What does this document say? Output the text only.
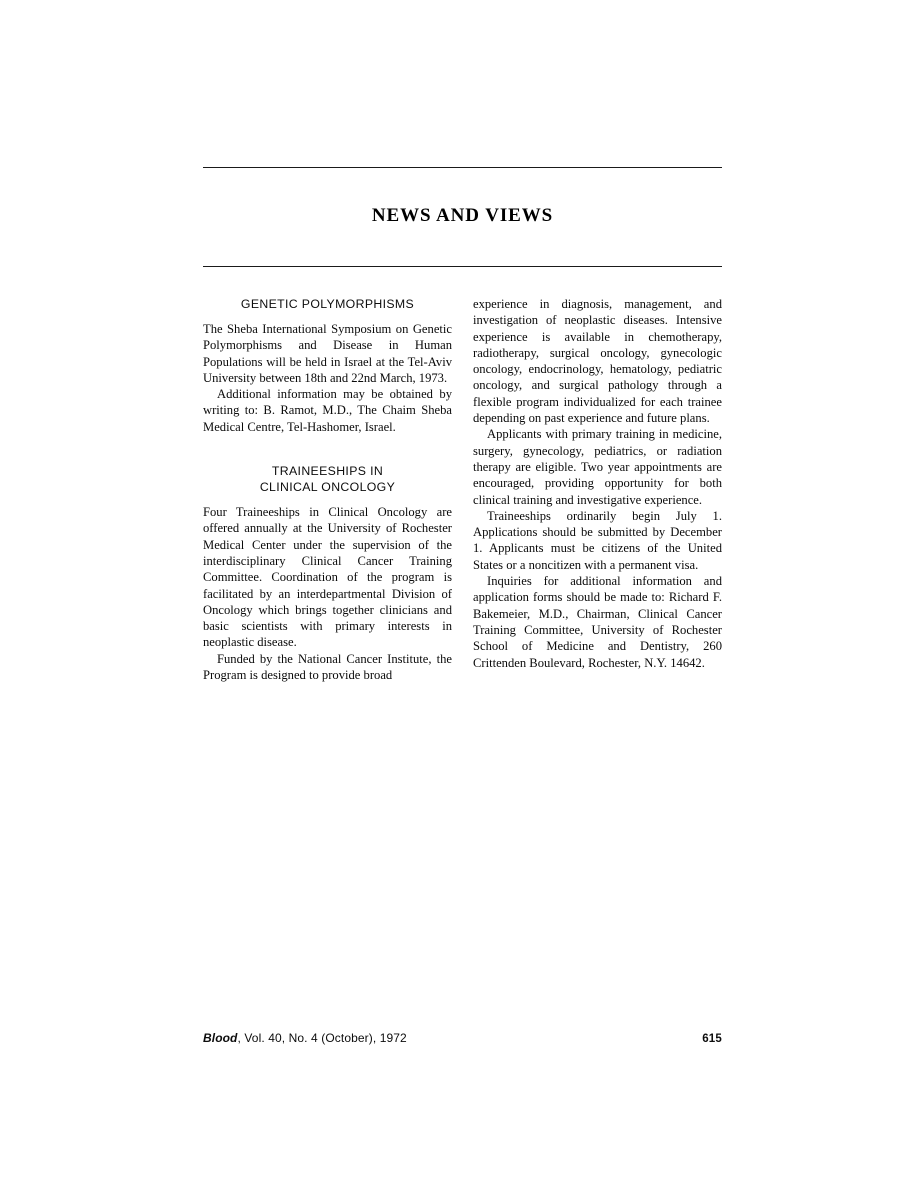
NEWS AND VIEWS
GENETIC POLYMORPHISMS

The Sheba International Symposium on Genetic Polymorphisms and Disease in Human Populations will be held in Israel at the Tel-Aviv University between 18th and 22nd March, 1973.

Additional information may be obtained by writing to: B. Ramot, M.D., The Chaim Sheba Medical Centre, Tel-Hashomer, Israel.

TRAINEESHIPS IN
CLINICAL ONCOLOGY

Four Traineeships in Clinical Oncology are offered annually at the University of Rochester Medical Center under the supervision of the interdisciplinary Clinical Cancer Training Committee. Coordination of the program is facilitated by an interdepartmental Division of Oncology which brings together clinicians and basic scientists with primary interests in neoplastic disease.

Funded by the National Cancer Institute, the Program is designed to provide broad

experience in diagnosis, management, and investigation of neoplastic diseases. Intensive experience is available in chemotherapy, radiotherapy, surgical oncology, gynecologic oncology, endocrinology, hematology, pediatric oncology, and surgical pathology through a flexible program individualized for each trainee depending on past experience and future plans.

Applicants with primary training in medicine, surgery, gynecology, pediatrics, or radiation therapy are eligible. Two year appointments are encouraged, providing opportunity for both clinical training and investigative experience.

Traineeships ordinarily begin July 1. Applications should be submitted by December 1. Applicants must be citizens of the United States or a noncitizen with a permanent visa.

Inquiries for additional information and application forms should be made to: Richard F. Bakemeier, M.D., Chairman, Clinical Cancer Training Committee, University of Rochester School of Medicine and Dentistry, 260 Crittenden Boulevard, Rochester, N.Y. 14642.

Blood, Vol. 40, No. 4 (October), 1972	615
